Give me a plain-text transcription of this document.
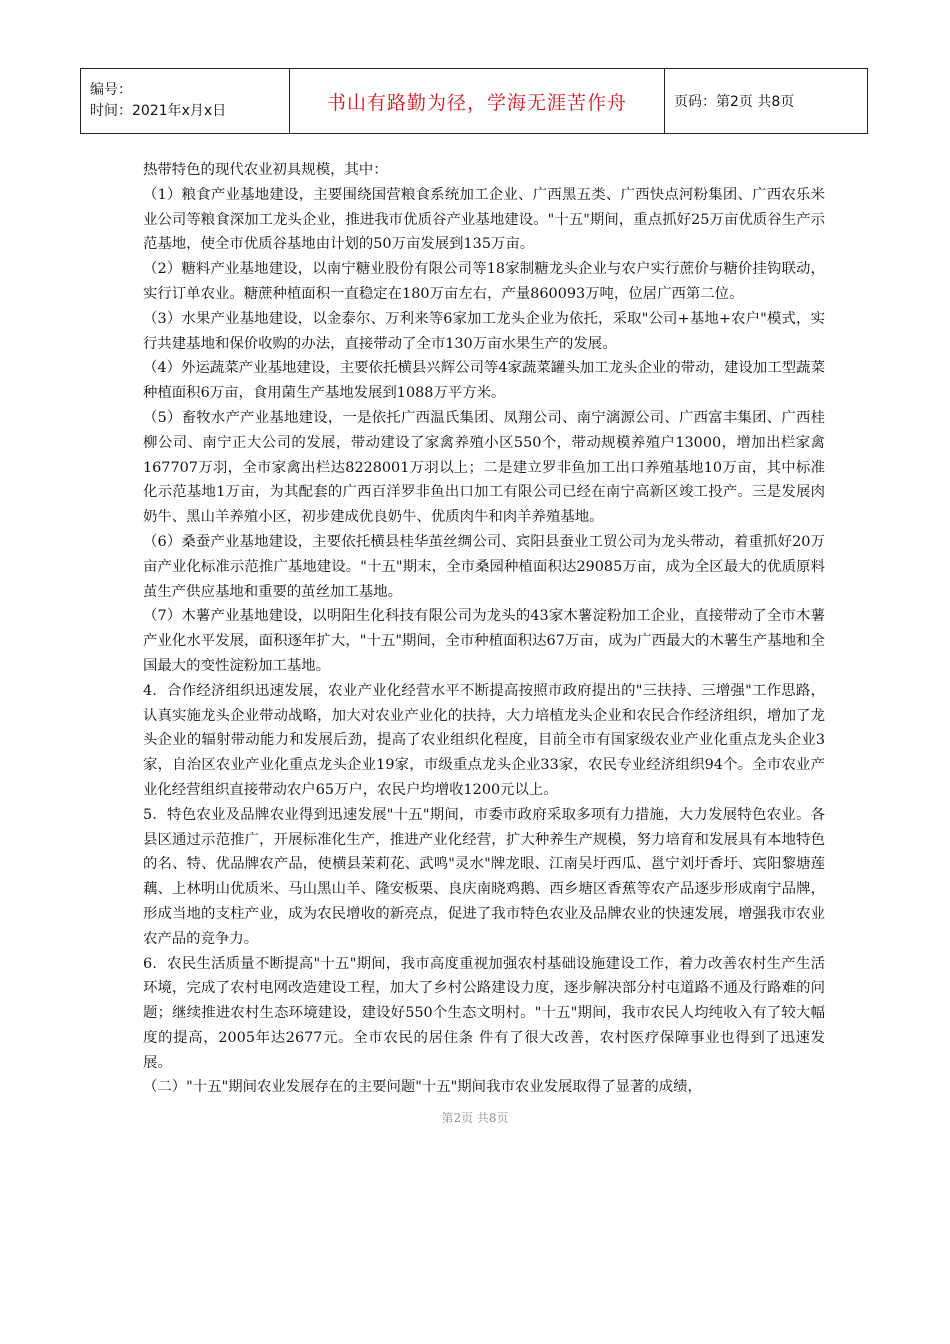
编号：
时间：2021年x月x日	书山有路勤为径，学海无涯苦作舟	页码：第2页 共8页

热带特色的现代农业初具规模，其中：

（1）粮食产业基地建设，主要围绕国营粮食系统加工企业、广西黑五类、广西快点河粉集团、广西农乐米业公司等粮食深加工龙头企业，推进我市优质谷产业基地建设。"十五"期间，重点抓好25万亩优质谷生产示范基地，使全市优质谷基地由计划的50万亩发展到135万亩。

（2）糖料产业基地建设，以南宁糖业股份有限公司等18家制糖龙头企业与农户实行蔗价与糖价挂钩联动，实行订单农业。糖蔗种植面积一直稳定在180万亩左右，产量860093万吨，位居广西第二位。

（3）水果产业基地建设，以金泰尔、万利来等6家加工龙头企业为依托，采取"公司+基地+农户"模式，实行共建基地和保价收购的办法，直接带动了全市130万亩水果生产的发展。

（4）外运蔬菜产业基地建设，主要依托横县兴辉公司等4家蔬菜罐头加工龙头企业的带动，建设加工型蔬菜种植面积6万亩，食用菌生产基地发展到1088万平方米。

（5）畜牧水产产业基地建设，一是依托广西温氏集团、凤翔公司、南宁漓源公司、广西富丰集团、广西桂柳公司、南宁正大公司的发展，带动建设了家禽养殖小区550个，带动规模养殖户13000，增加出栏家禽167707万羽，全市家禽出栏达8228001万羽以上；二是建立罗非鱼加工出口养殖基地10万亩，其中标准化示范基地1万亩，为其配套的广西百洋罗非鱼出口加工有限公司已经在南宁高新区竣工投产。三是发展肉奶牛、黑山羊养殖小区，初步建成优良奶牛、优质肉牛和肉羊养殖基地。

（6）桑蚕产业基地建设，主要依托横县桂华茧丝绸公司、宾阳县蚕业工贸公司为龙头带动，着重抓好20万亩产业化标准示范推广基地建设。"十五"期末，全市桑园种植面积达29085万亩，成为全区最大的优质原料茧生产供应基地和重要的茧丝加工基地。

（7）木薯产业基地建设，以明阳生化科技有限公司为龙头的43家木薯淀粉加工企业，直接带动了全市木薯产业化水平发展，面积逐年扩大，"十五"期间，全市种植面积达67万亩，成为广西最大的木薯生产基地和全国最大的变性淀粉加工基地。

4．合作经济组织迅速发展，农业产业化经营水平不断提高按照市政府提出的"三扶持、三增强"工作思路，认真实施龙头企业带动战略，加大对农业产业化的扶持，大力培植龙头企业和农民合作经济组织，增加了龙头企业的辐射带动能力和发展后劲，提高了农业组织化程度，目前全市有国家级农业产业化重点龙头企业3家，自治区农业产业化重点龙头企业19家，市级重点龙头企业33家，农民专业经济组织94个。全市农业产业化经营组织直接带动农户65万户，农民户均增收1200元以上。

5．特色农业及品牌农业得到迅速发展"十五"期间，市委市政府采取多项有力措施，大力发展特色农业。各县区通过示范推广，开展标准化生产，推进产业化经营，扩大种养生产规模，努力培育和发展具有本地特色的名、特、优品牌农产品，使横县茉莉花、武鸣"灵水"牌龙眼、江南吴圩西瓜、邕宁刘圩香圩、宾阳黎塘莲藕、上林明山优质米、马山黑山羊、隆安板栗、良庆南晓鸡鹅、西乡塘区香蕉等农产品逐步形成南宁品牌，形成当地的支柱产业，成为农民增收的新亮点，促进了我市特色农业及品牌农业的快速发展，增强我市农业农产品的竞争力。

6．农民生活质量不断提高"十五"期间，我市高度重视加强农村基础设施建设工作，着力改善农村生产生活环境，完成了农村电网改造建设工程，加大了乡村公路建设力度，逐步解决部分村屯道路不通及行路难的问题；继续推进农村生态环境建设，建设好550个生态文明村。"十五"期间，我市农民人均纯收入有了较大幅度的提高，2005年达2677元。全市农民的居住条 件有了很大改善，农村医疗保障事业也得到了迅速发展。

（二）"十五"期间农业发展存在的主要问题"十五"期间我市农业发展取得了显著的成绩，

第2页 共8页
